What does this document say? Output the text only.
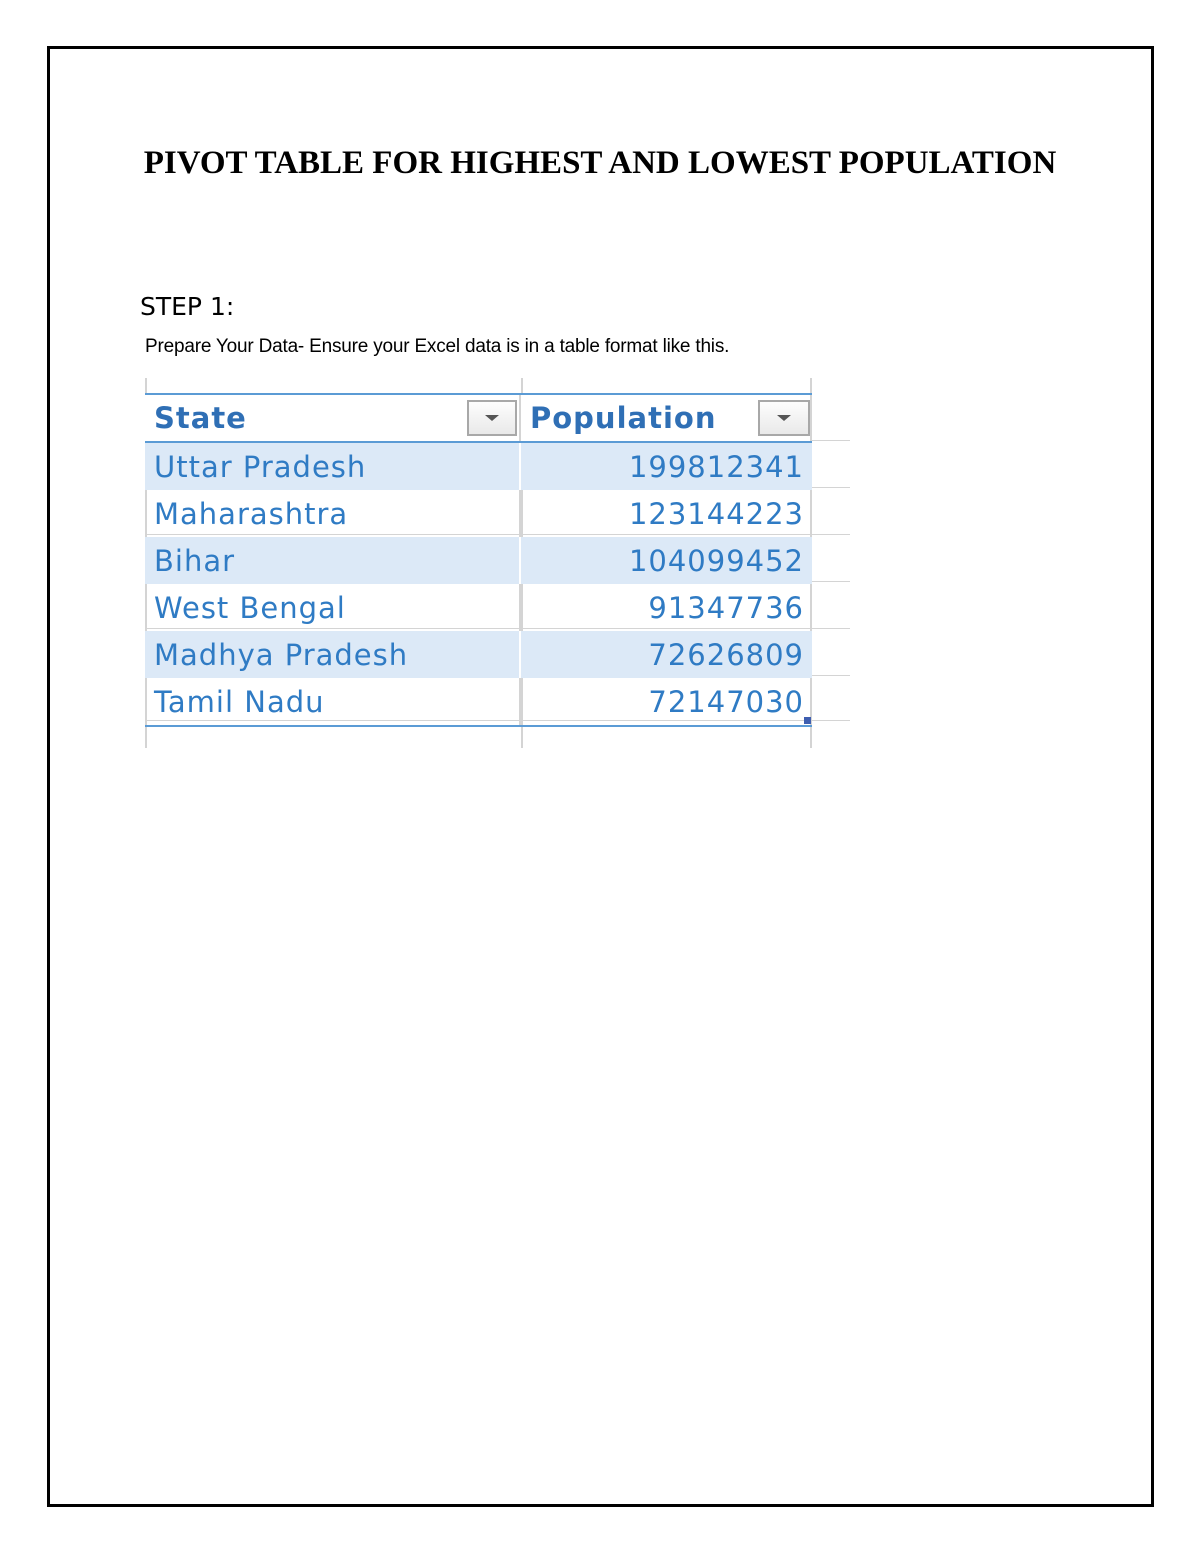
PIVOT TABLE FOR HIGHEST AND LOWEST POPULATION
STEP 1:
Prepare Your Data- Ensure your Excel data is in a table format like this.
State	Population
Uttar Pradesh	199812341
Maharashtra	123144223
Bihar	104099452
West Bengal	91347736
Madhya Pradesh	72626809
Tamil Nadu	72147030
